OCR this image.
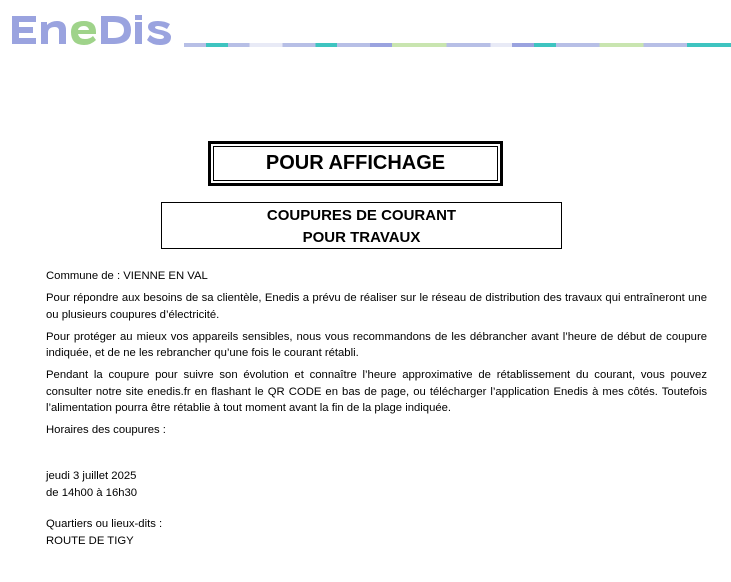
POUR AFFICHAGE
COUPURES DE COURANT
POUR TRAVAUX

Commune de : VIENNE EN VAL

Pour répondre aux besoins de sa clientèle, Enedis a prévu de réaliser sur le réseau de distribution des travaux qui entraîneront une ou plusieurs coupures d’électricité.

Pour protéger au mieux vos appareils sensibles, nous vous recommandons de les débrancher avant l’heure de début de coupure indiquée, et de ne les rebrancher qu’une fois le courant rétabli.

Pendant la coupure pour suivre son évolution et connaître l’heure approximative de rétablissement du courant, vous pouvez consulter notre site enedis.fr en flashant le QR CODE en bas de page, ou télécharger l’application Enedis à mes côtés. Toutefois l’alimentation pourra être rétablie à tout moment avant la fin de la plage indiquée.

Horaires des coupures :

jeudi 3 juillet 2025
de 14h00 à 16h30
Quartiers ou lieux-dits :
ROUTE DE TIGY
